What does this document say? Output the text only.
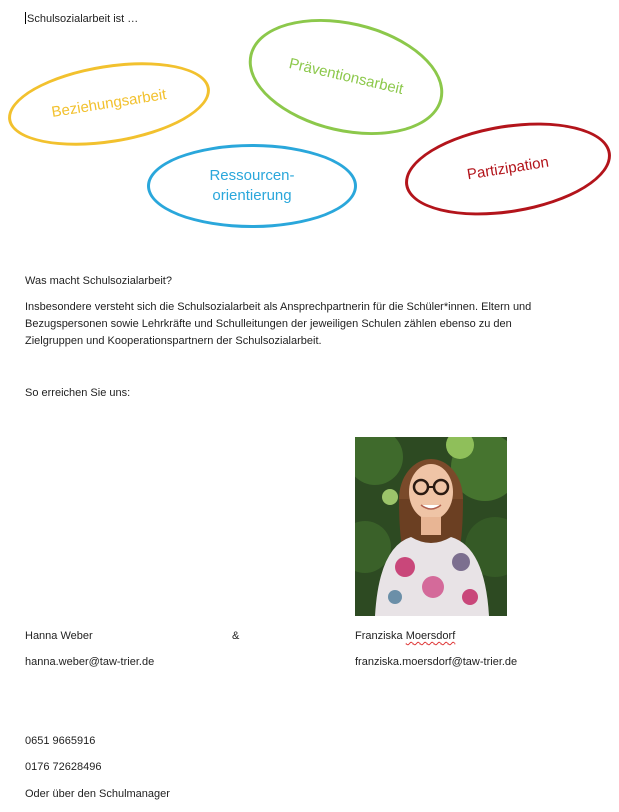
Schulsozialarbeit ist …
Beziehungsarbeit
Präventionsarbeit
Ressourcen-
orientierung
Partizipation
Was macht Schulsozialarbeit?
Insbesondere versteht sich die Schulsozialarbeit als Ansprechpartnerin für die Schüler*innen. Eltern und Bezugspersonen sowie Lehrkräfte und Schulleitungen der jeweiligen Schulen zählen ebenso zu den Zielgruppen und Kooperationspartnern der Schulsozialarbeit.
So erreichen Sie uns:
Hanna Weber	&	Franziska Moersdorf
hanna.weber@taw-trier.de	franziska.moersdorf@taw-trier.de
0651 9665916
0176 72628496
Oder über den Schulmanager
